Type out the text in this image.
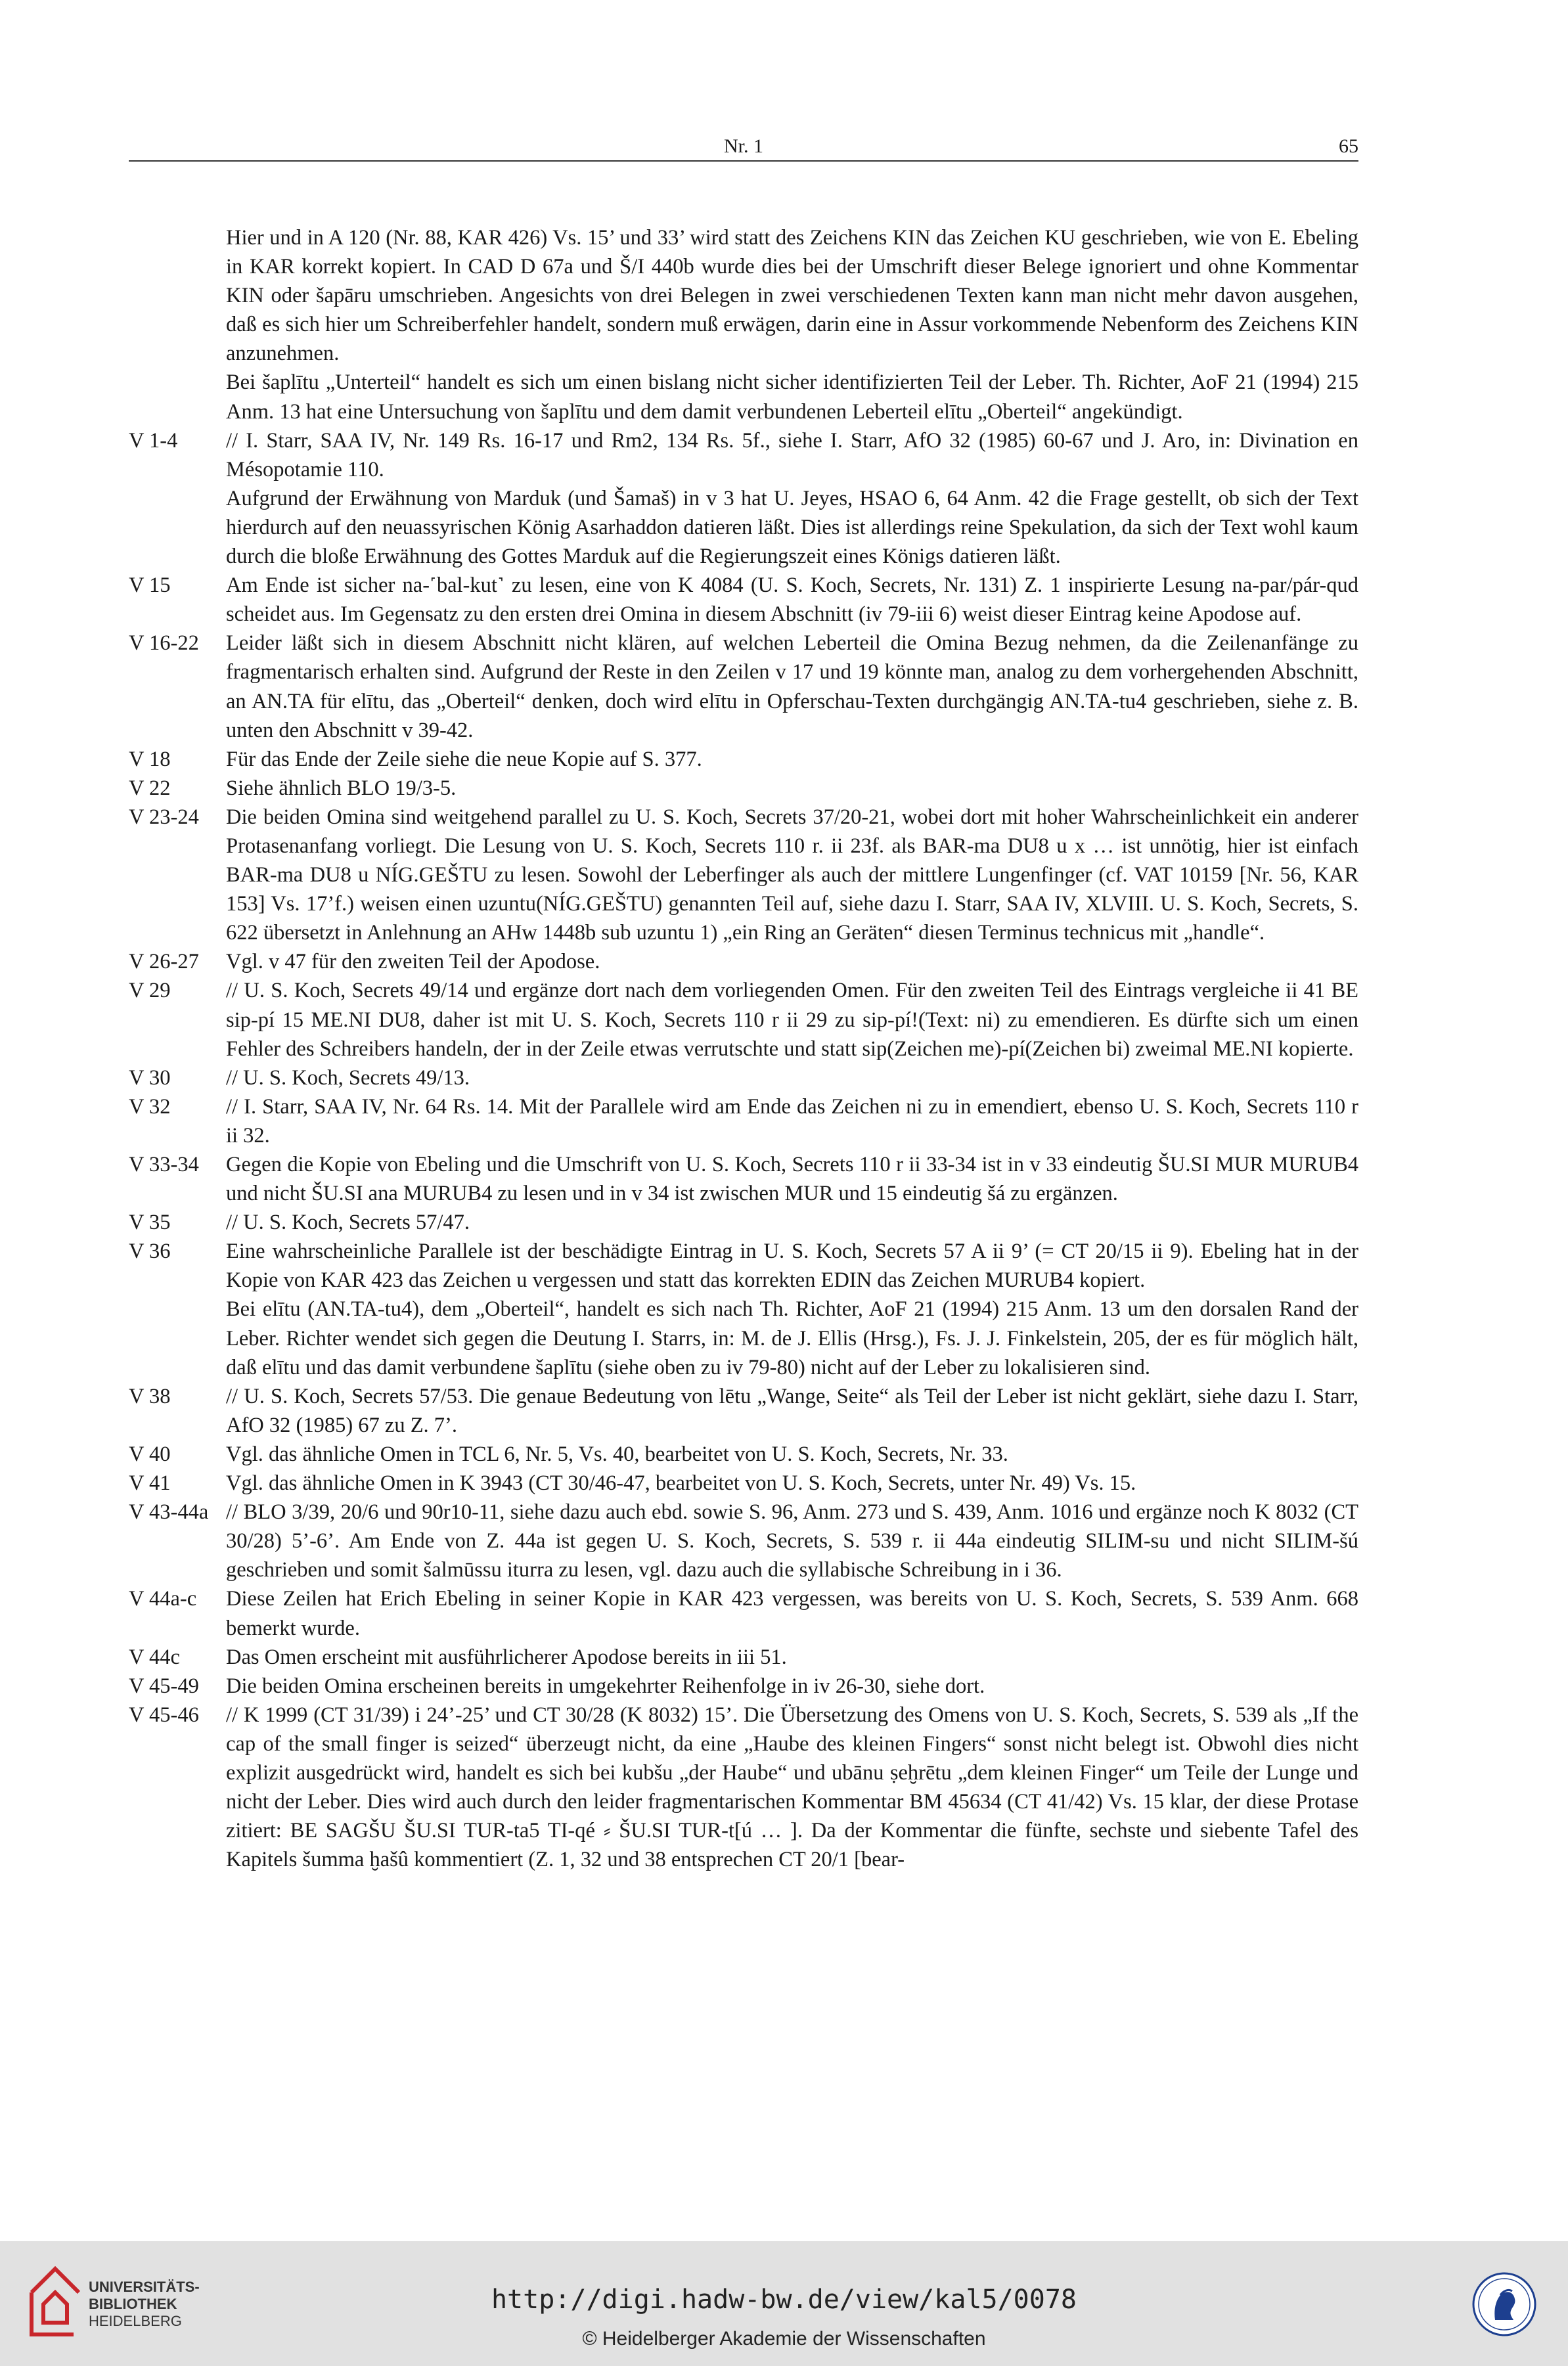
Nr. 1	65
Hier und in A 120 (Nr. 88, KAR 426) Vs. 15’ und 33’ wird statt des Zeichens KIN das Zeichen KU geschrieben, wie von E. Ebeling in KAR korrekt kopiert. In CAD D 67a und Š/I 440b wurde dies bei der Umschrift dieser Belege ignoriert und ohne Kommentar KIN oder šapāru umschrieben. Angesichts von drei Belegen in zwei verschiedenen Texten kann man nicht mehr davon ausgehen, daß es sich hier um Schreiberfehler handelt, sondern muß erwägen, darin eine in Assur vorkommende Nebenform des Zeichens KIN anzunehmen.
Bei šaplītu „Unterteil“ handelt es sich um einen bislang nicht sicher identifizierten Teil der Leber. Th. Richter, AoF 21 (1994) 215 Anm. 13 hat eine Untersuchung von šaplītu und dem damit verbundenen Leberteil elītu „Oberteil“ angekündigt.
V 1-4	// I. Starr, SAA IV, Nr. 149 Rs. 16-17 und Rm2, 134 Rs. 5f., siehe I. Starr, AfO 32 (1985) 60-67 und J. Aro, in: Divination en Mésopotamie 110.
Aufgrund der Erwähnung von Marduk (und Šamaš) in v 3 hat U. Jeyes, HSAO 6, 64 Anm. 42 die Frage gestellt, ob sich der Text hierdurch auf den neuassyrischen König Asarhaddon datieren läßt. Dies ist allerdings reine Spekulation, da sich der Text wohl kaum durch die bloße Erwähnung des Gottes Marduk auf die Regierungszeit eines Königs datieren läßt.
V 15	Am Ende ist sicher na-˹bal-kut˺ zu lesen, eine von K 4084 (U. S. Koch, Secrets, Nr. 131) Z. 1 inspirierte Lesung na-par/pár-qud scheidet aus. Im Gegensatz zu den ersten drei Omina in diesem Abschnitt (iv 79-iii 6) weist dieser Eintrag keine Apodose auf.
V 16-22	Leider läßt sich in diesem Abschnitt nicht klären, auf welchen Leberteil die Omina Bezug nehmen, da die Zeilenanfänge zu fragmentarisch erhalten sind. Aufgrund der Reste in den Zeilen v 17 und 19 könnte man, analog zu dem vorhergehenden Abschnitt, an AN.TA für elītu, das „Oberteil“ denken, doch wird elītu in Opferschau-Texten durchgängig AN.TA-tu4 geschrieben, siehe z. B. unten den Abschnitt v 39-42.
V 18	Für das Ende der Zeile siehe die neue Kopie auf S. 377.
V 22	Siehe ähnlich BLO 19/3-5.
V 23-24	Die beiden Omina sind weitgehend parallel zu U. S. Koch, Secrets 37/20-21, wobei dort mit hoher Wahrscheinlichkeit ein anderer Protasenanfang vorliegt. Die Lesung von U. S. Koch, Secrets 110 r. ii 23f. als BAR-ma DU8 u x … ist unnötig, hier ist einfach BAR-ma DU8 u NÍG.GEŠTU zu lesen. Sowohl der Leberfinger als auch der mittlere Lungenfinger (cf. VAT 10159 [Nr. 56, KAR 153] Vs. 17’f.) weisen einen uzuntu(NÍG.GEŠTU) genannten Teil auf, siehe dazu I. Starr, SAA IV, XLVIII. U. S. Koch, Secrets, S. 622 übersetzt in Anlehnung an AHw 1448b sub uzuntu 1) „ein Ring an Geräten“ diesen Terminus technicus mit „handle“.
V 26-27	Vgl. v 47 für den zweiten Teil der Apodose.
V 29	// U. S. Koch, Secrets 49/14 und ergänze dort nach dem vorliegenden Omen. Für den zweiten Teil des Eintrags vergleiche ii 41 BE sip-pí 15 ME.NI DU8, daher ist mit U. S. Koch, Secrets 110 r ii 29 zu sip-pí!(Text: ni) zu emendieren. Es dürfte sich um einen Fehler des Schreibers handeln, der in der Zeile etwas verrutschte und statt sip(Zeichen me)-pí(Zeichen bi) zweimal ME.NI kopierte.
V 30	// U. S. Koch, Secrets 49/13.
V 32	// I. Starr, SAA IV, Nr. 64 Rs. 14. Mit der Parallele wird am Ende das Zeichen ni zu in emendiert, ebenso U. S. Koch, Secrets 110 r ii 32.
V 33-34	Gegen die Kopie von Ebeling und die Umschrift von U. S. Koch, Secrets 110 r ii 33-34 ist in v 33 eindeutig ŠU.SI MUR MURUB4 und nicht ŠU.SI ana MURUB4 zu lesen und in v 34 ist zwischen MUR und 15 eindeutig šá zu ergänzen.
V 35	// U. S. Koch, Secrets 57/47.
V 36	Eine wahrscheinliche Parallele ist der beschädigte Eintrag in U. S. Koch, Secrets 57 A ii 9’ (= CT 20/15 ii 9). Ebeling hat in der Kopie von KAR 423 das Zeichen u vergessen und statt das korrekten EDIN das Zeichen MURUB4 kopiert.
Bei elītu (AN.TA-tu4), dem „Oberteil“, handelt es sich nach Th. Richter, AoF 21 (1994) 215 Anm. 13 um den dorsalen Rand der Leber. Richter wendet sich gegen die Deutung I. Starrs, in: M. de J. Ellis (Hrsg.), Fs. J. J. Finkelstein, 205, der es für möglich hält, daß elītu und das damit verbundene šaplītu (siehe oben zu iv 79-80) nicht auf der Leber zu lokalisieren sind.
V 38	// U. S. Koch, Secrets 57/53. Die genaue Bedeutung von lētu „Wange, Seite“ als Teil der Leber ist nicht geklärt, siehe dazu I. Starr, AfO 32 (1985) 67 zu Z. 7’.
V 40	Vgl. das ähnliche Omen in TCL 6, Nr. 5, Vs. 40, bearbeitet von U. S. Koch, Secrets, Nr. 33.
V 41	Vgl. das ähnliche Omen in K 3943 (CT 30/46-47, bearbeitet von U. S. Koch, Secrets, unter Nr. 49) Vs. 15.
V 43-44a // BLO 3/39, 20/6 und 90r10-11, siehe dazu auch ebd. sowie S. 96, Anm. 273 und S. 439, Anm. 1016 und ergänze noch K 8032 (CT 30/28) 5’-6’. Am Ende von Z. 44a ist gegen U. S. Koch, Secrets, S. 539 r. ii 44a eindeutig SILIM-su und nicht SILIM-šú geschrieben und somit šalmūssu iturra zu lesen, vgl. dazu auch die syllabische Schreibung in i 36.
V 44a-c	Diese Zeilen hat Erich Ebeling in seiner Kopie in KAR 423 vergessen, was bereits von U. S. Koch, Secrets, S. 539 Anm. 668 bemerkt wurde.
V 44c	Das Omen erscheint mit ausführlicherer Apodose bereits in iii 51.
V 45-49	Die beiden Omina erscheinen bereits in umgekehrter Reihenfolge in iv 26-30, siehe dort.
V 45-46	// K 1999 (CT 31/39) i 24’-25’ und CT 30/28 (K 8032) 15’. Die Übersetzung des Omens von U. S. Koch, Secrets, S. 539 als „If the cap of the small finger is seized“ überzeugt nicht, da eine „Haube des kleinen Fingers“ sonst nicht belegt ist. Obwohl dies nicht explizit ausgedrückt wird, handelt es sich bei kubšu „der Haube“ und ubānu ṣeḫrētu „dem kleinen Finger“ um Teile der Lunge und nicht der Leber. Dies wird auch durch den leider fragmentarischen Kommentar BM 45634 (CT 41/42) Vs. 15 klar, der diese Protase zitiert: BE SAGŠU ŠU.SI TUR-ta5 TI-qé ⸗ ŠU.SI TUR-t[ú … ]. Da der Kommentar die fünfte, sechste und siebente Tafel des Kapitels šumma ḫašû kommentiert (Z. 1, 32 und 38 entsprechen CT 20/1 [bear-
UNIVERSITÄTS-
BIBLIOTHEK
HEIDELBERG
http://digi.hadw-bw.de/view/kal5/0078
© Heidelberger Akademie der Wissenschaften
